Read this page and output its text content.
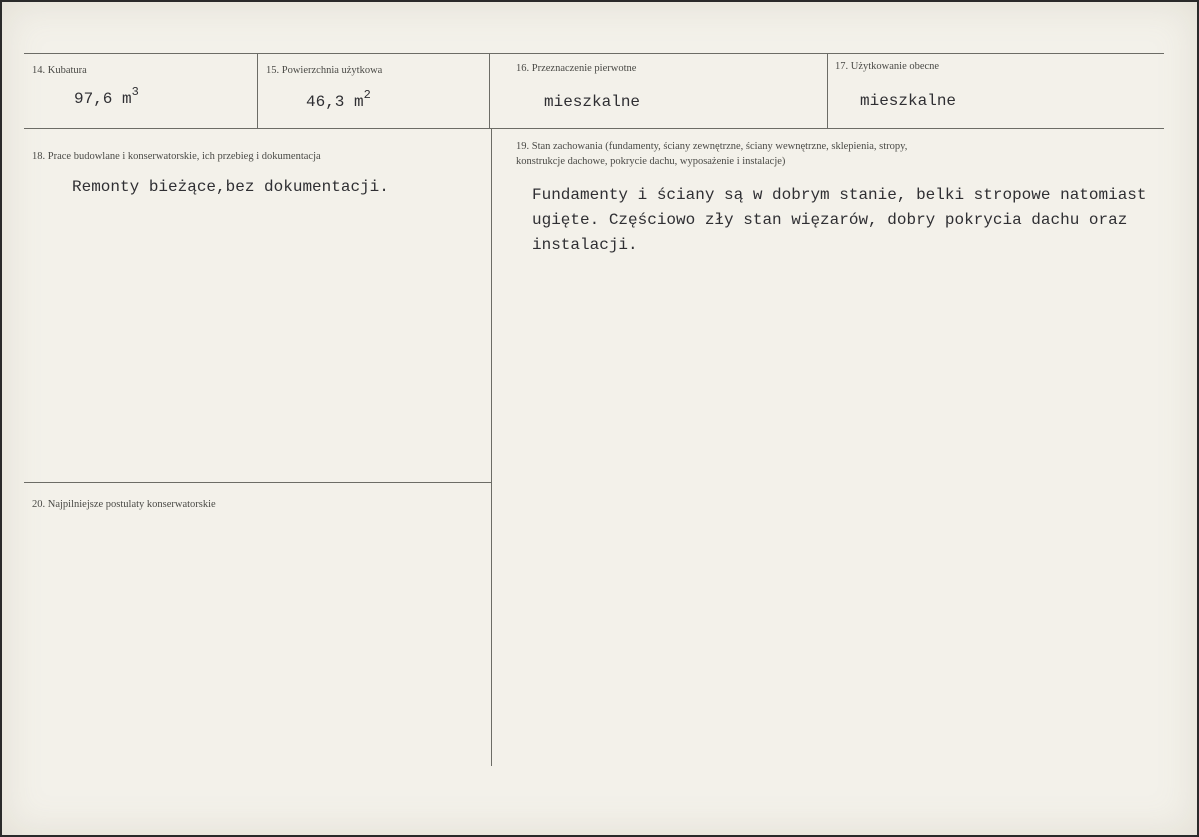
14. Kubatura
97,6 $m^3$
15. Powierzchnia użytkowa
46,3 $m^2$
16. Przeznaczenie pierwotne
mieszkalne
17. Użytkowanie obecne
mieszkalne
18. Prace budowlane i konserwatorskie, ich przebieg i dokumentacja
Remonty bieżące,bez dokumentacji.
19. Stan zachowania (fundamenty, ściany zewnętrzne, ściany wewnętrzne, sklepienia, stropy,
konstrukcje dachowe, pokrycie dachu, wyposażenie i instalacje)
Fundamenty i ściany są w dobrym stanie, belki stropowe natomiast
ugięte. Częściowo zły stan więzarów, dobry pokrycia dachu oraz
instalacji.
20. Najpilniejsze postulaty konserwatorskie
